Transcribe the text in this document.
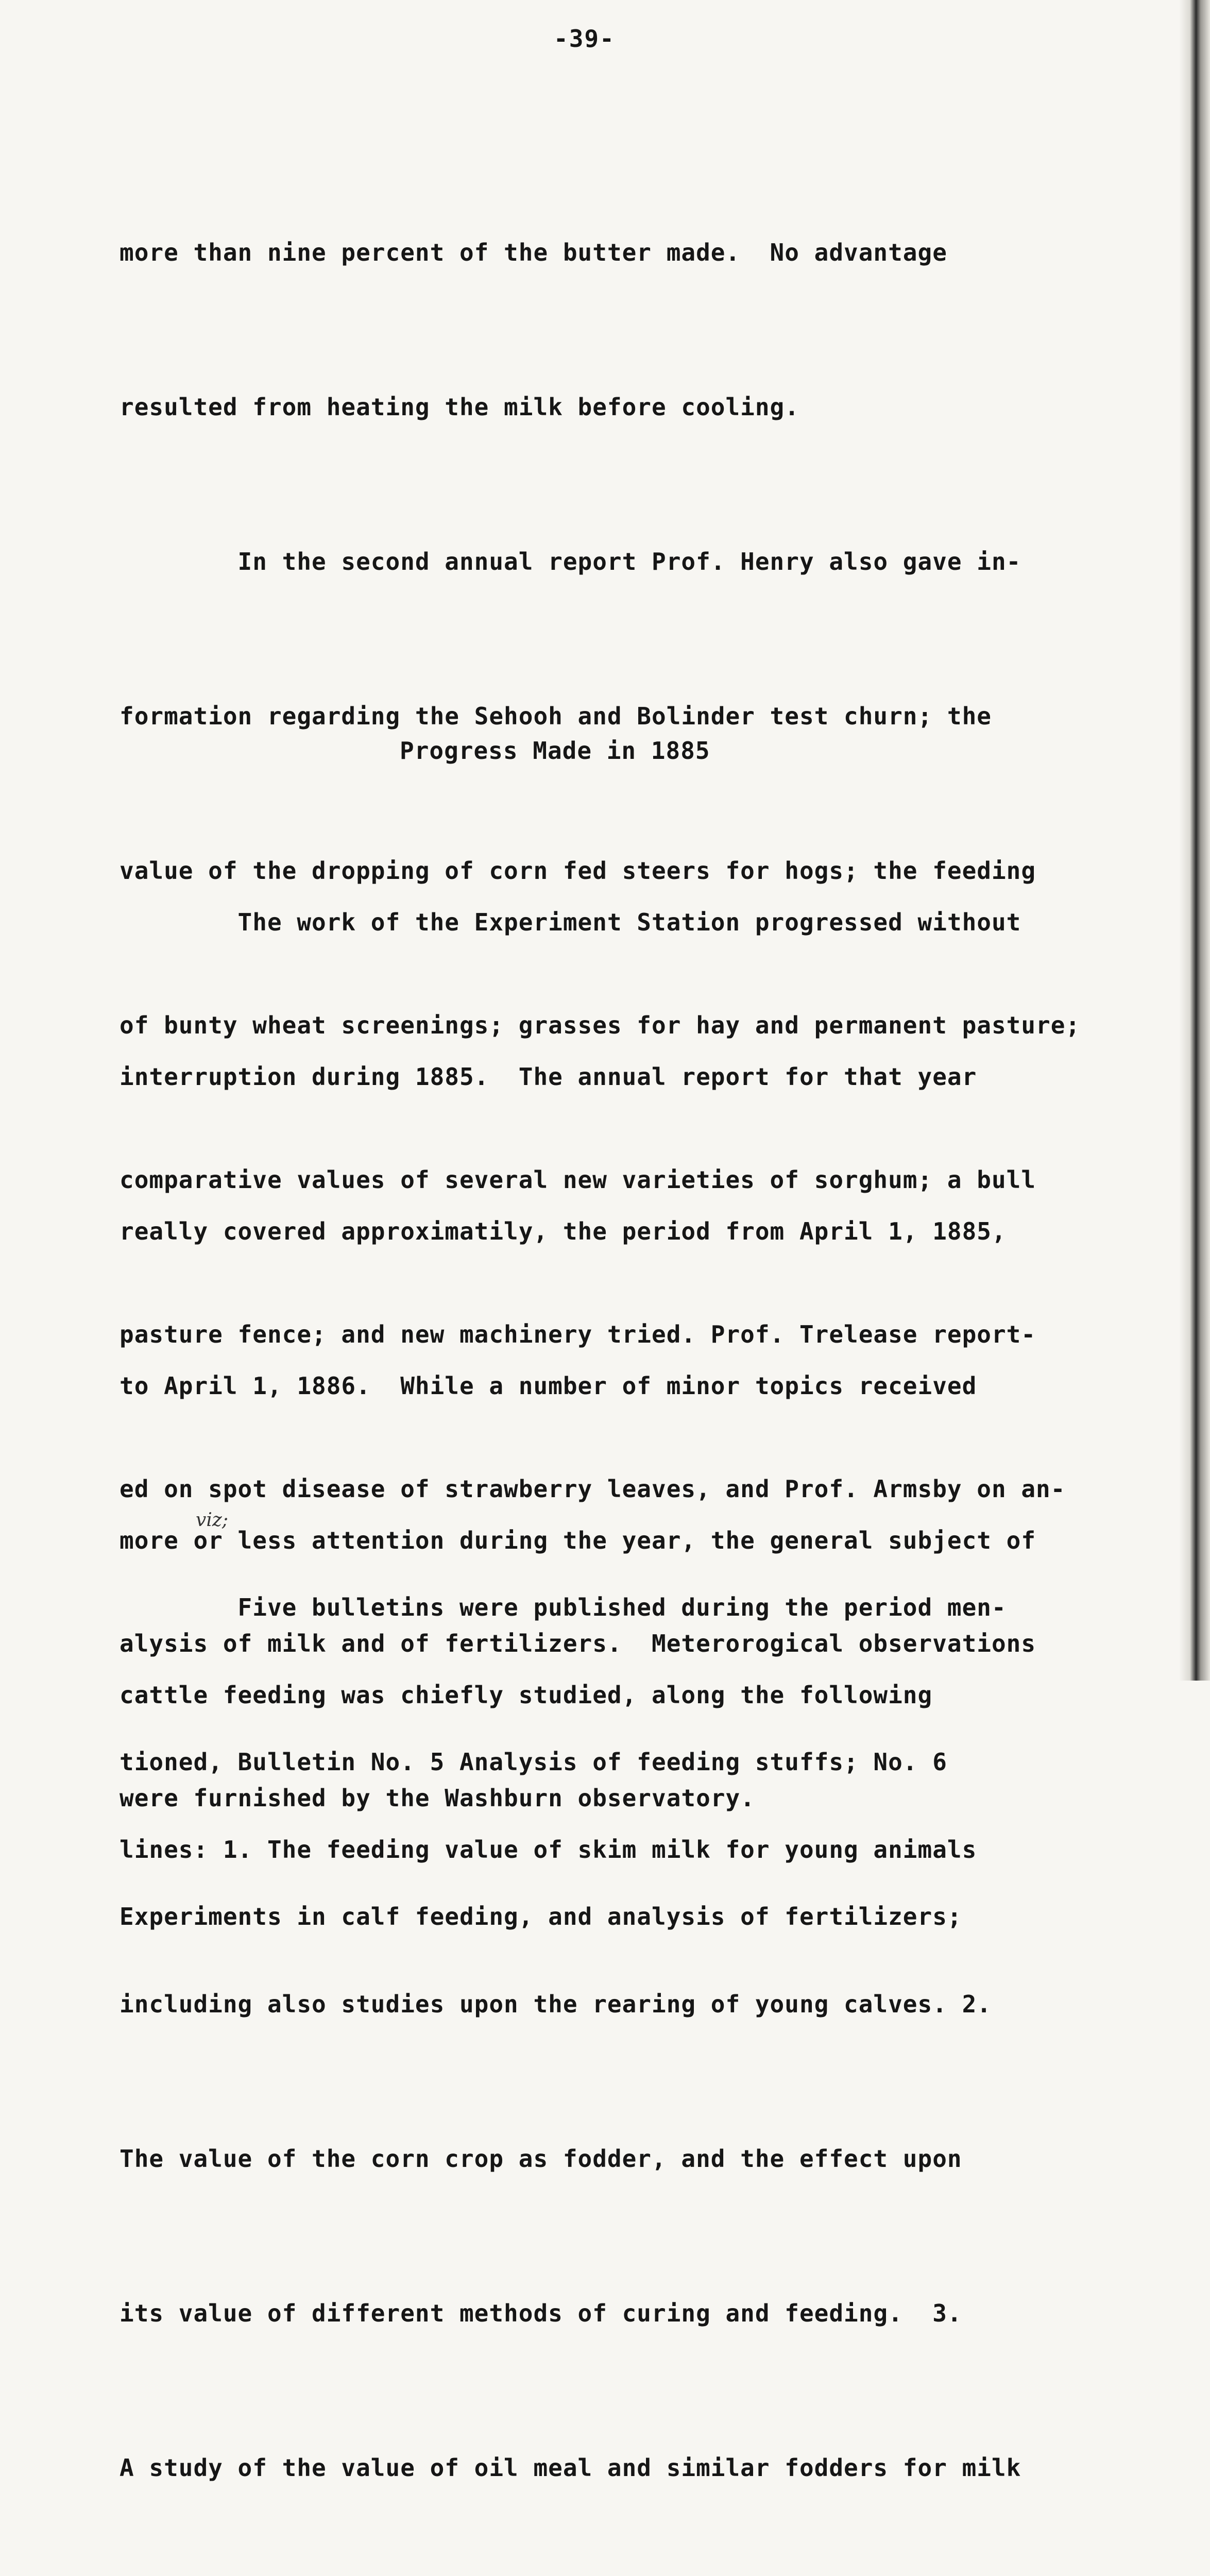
-39-

more than nine percent of the butter made.  No advantage

resulted from heating the milk before cooling.

In the second annual report Prof. Henry also gave in-

formation regarding the Sehooh and Bolinder test churn; the

value of the dropping of corn fed steers for hogs; the feeding

of bunty wheat screenings; grasses for hay and permanent pasture;

comparative values of several new varieties of sorghum; a bull

pasture fence; and new machinery tried. Prof. Trelease report-

ed on spot disease of strawberry leaves, and Prof. Armsby on an-

alysis of milk and of fertilizers.  Meterorogical observations

were furnished by the Washburn observatory.

Progress Made in 1885

The work of the Experiment Station progressed without

interruption during 1885.  The annual report for that year

really covered approximatily, the period from April 1, 1885,

to April 1, 1886.  While a number of minor topics received

more or less attention during the year, the general subject of

cattle feeding was chiefly studied, along the following

lines: 1. The feeding value of skim milk for young animals

including also studies upon the rearing of young calves. 2.

The value of the corn crop as fodder, and the effect upon

its value of different methods of curing and feeding.  3.

A study of the value of oil meal and similar fodders for milk

viz;

Five bulletins were published during the period men-

tioned, Bulletin No. 5 Analysis of feeding stuffs; No. 6

Experiments in calf feeding, and analysis of fertilizers;
